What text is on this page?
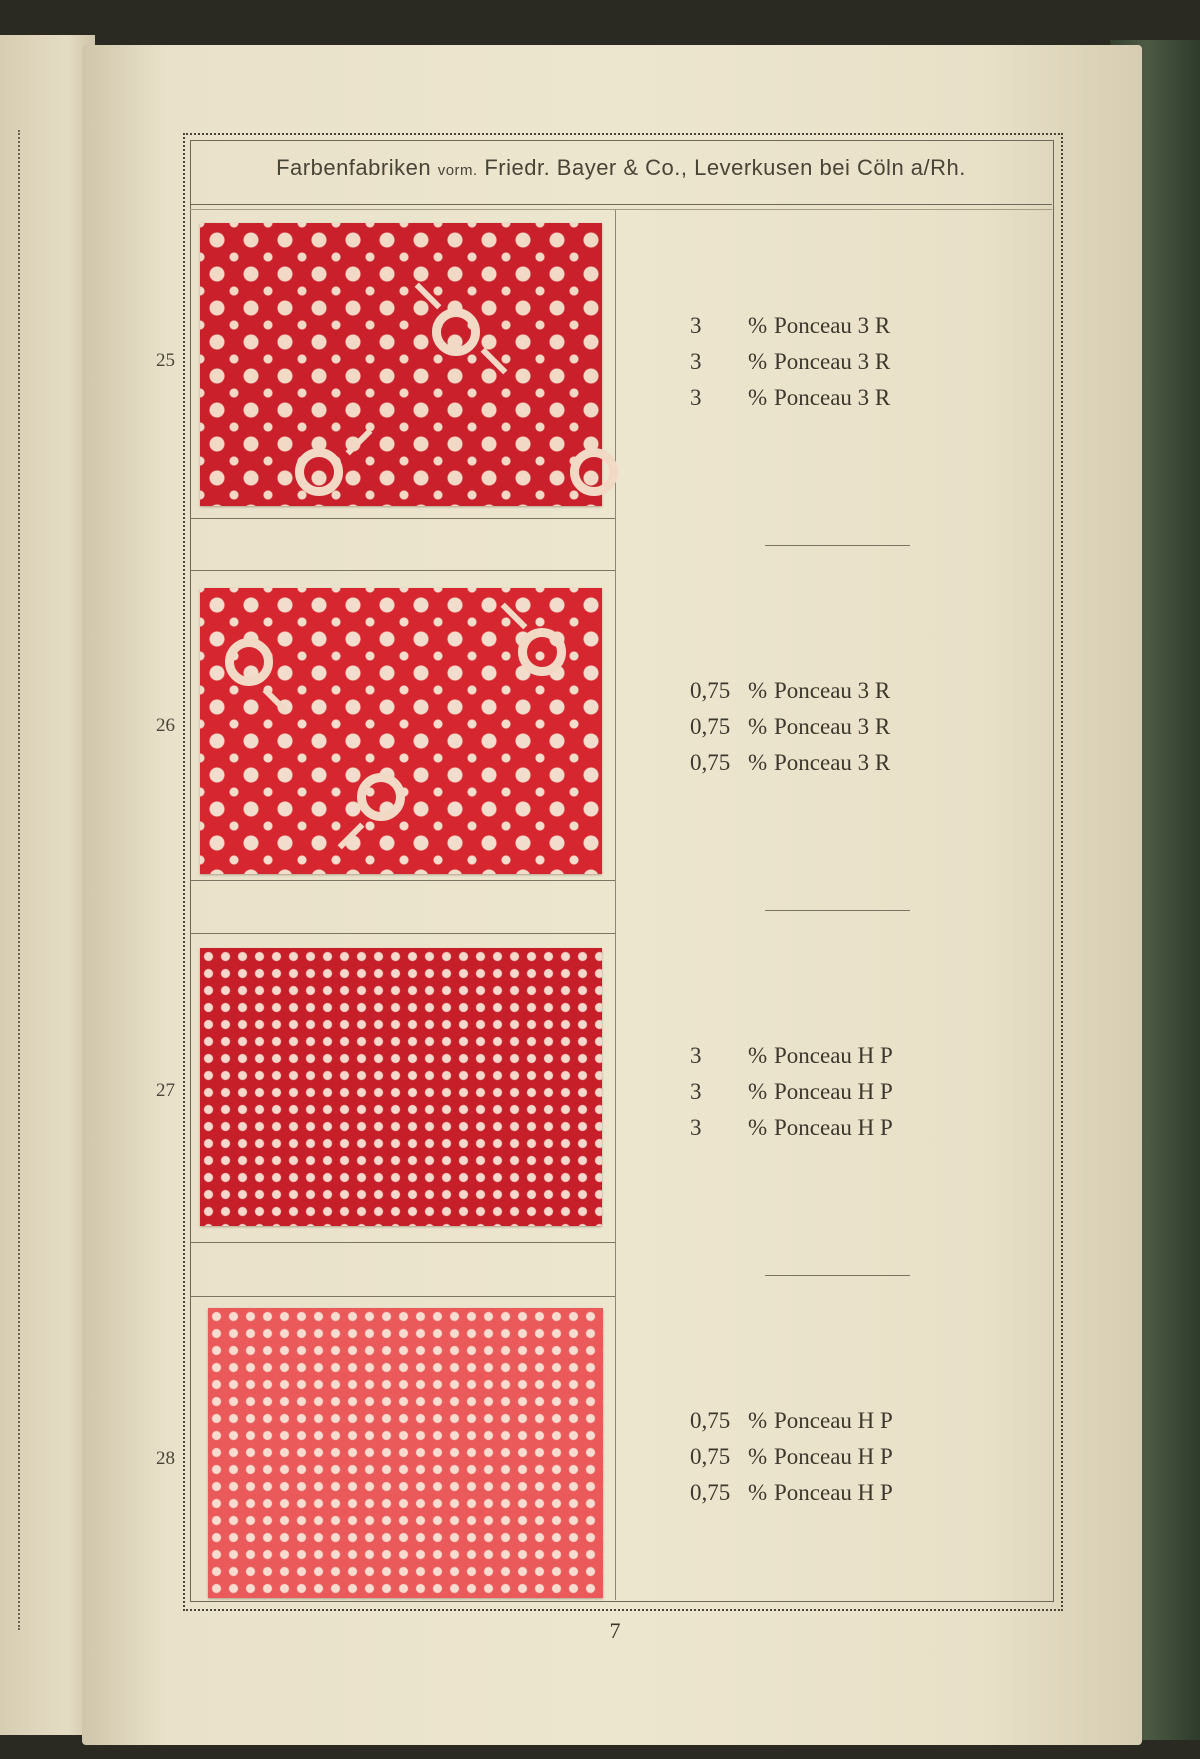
Farbenfabriken vorm. Friedr. Bayer & Co., Leverkusen bei Cöln a/Rh.
25
3 % Ponceau 3 R
3 % Ponceau 3 R
3 % Ponceau 3 R
26
0,75 % Ponceau 3 R
0,75 % Ponceau 3 R
0,75 % Ponceau 3 R
27
3 % Ponceau H P
3 % Ponceau H P
3 % Ponceau H P
28
0,75 % Ponceau H P
0,75 % Ponceau H P
0,75 % Ponceau H P
7
